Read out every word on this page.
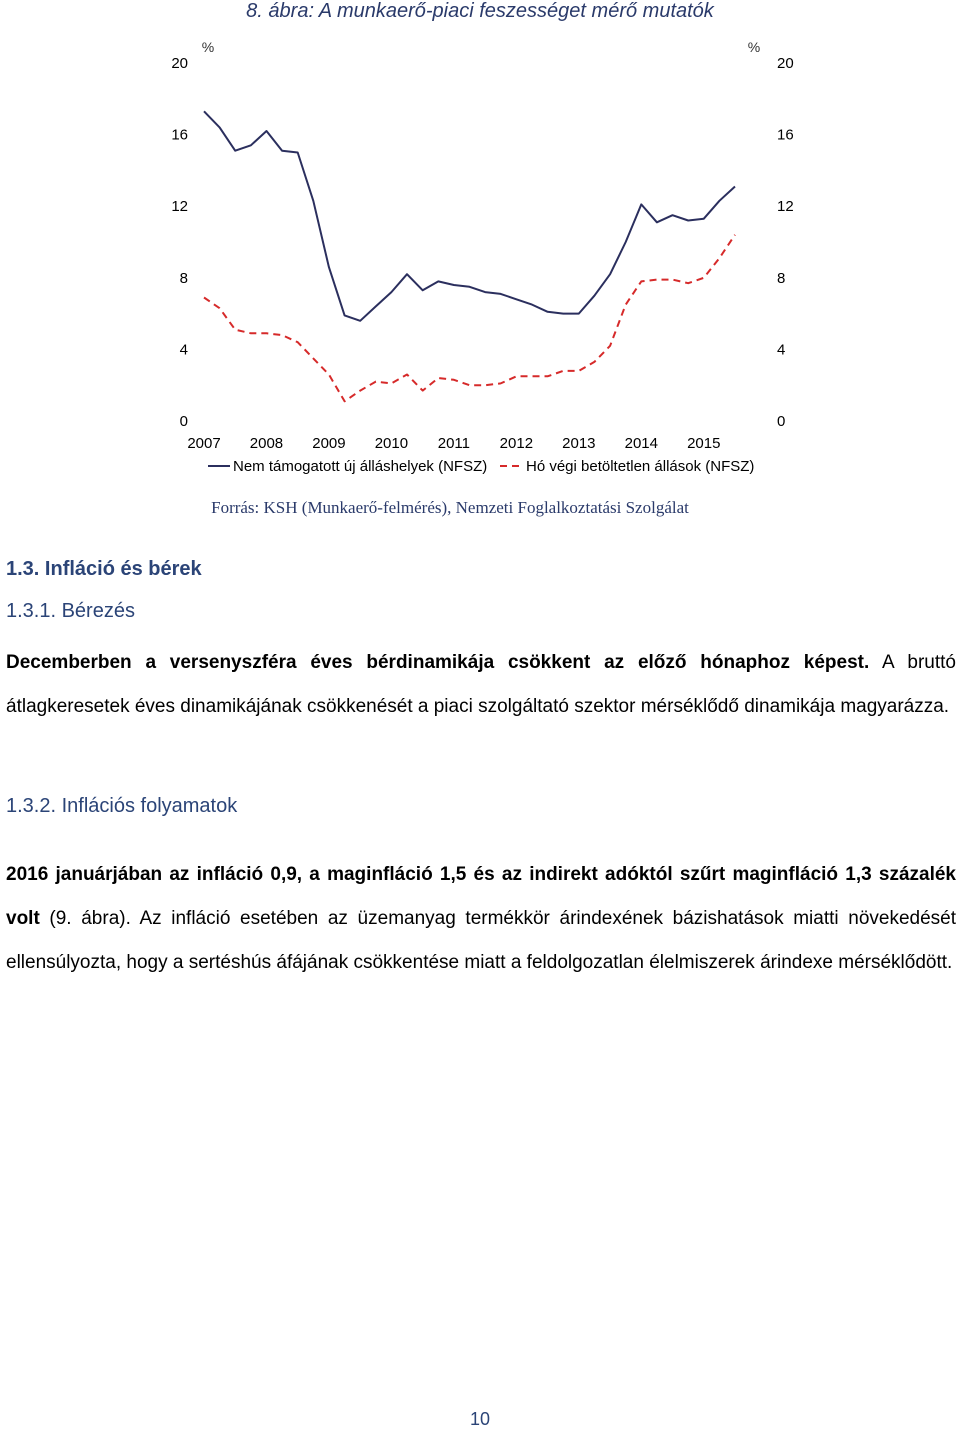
8. ábra: A munkaerő-piaci feszességet mérő mutatók
%	%
0	0
4	4
8	8
12	12
16	16
20	20
2007 2008 2009 2010 2011 2012 2013 2014 2015
Nem támogatott új álláshelyek (NFSZ)	Hó végi betöltetlen állások (NFSZ)
Forrás: KSH (Munkaerő-felmérés), Nemzeti Foglalkoztatási Szolgálat
1.3. Infláció és bérek
1.3.1. Bérezés

Decemberben a versenyszféra éves bérdinamikája csökkent az előző hónaphoz képest. A bruttó átlagkeresetek éves dinamikájának csökkenését a piaci szolgáltató szektor mérséklődő dinamikája magyarázza.

1.3.2. Inflációs folyamatok

2016 januárjában az infláció 0,9, a maginfláció 1,5 és az indirekt adóktól szűrt maginfláció 1,3 százalék volt (9. ábra). Az infláció esetében az üzemanyag termékkör árindexének bázishatások miatti növekedését ellensúlyozta, hogy a sertéshús áfájának csökkentése miatt a feldolgozatlan élelmiszerek árindexe mérséklődött.

10
